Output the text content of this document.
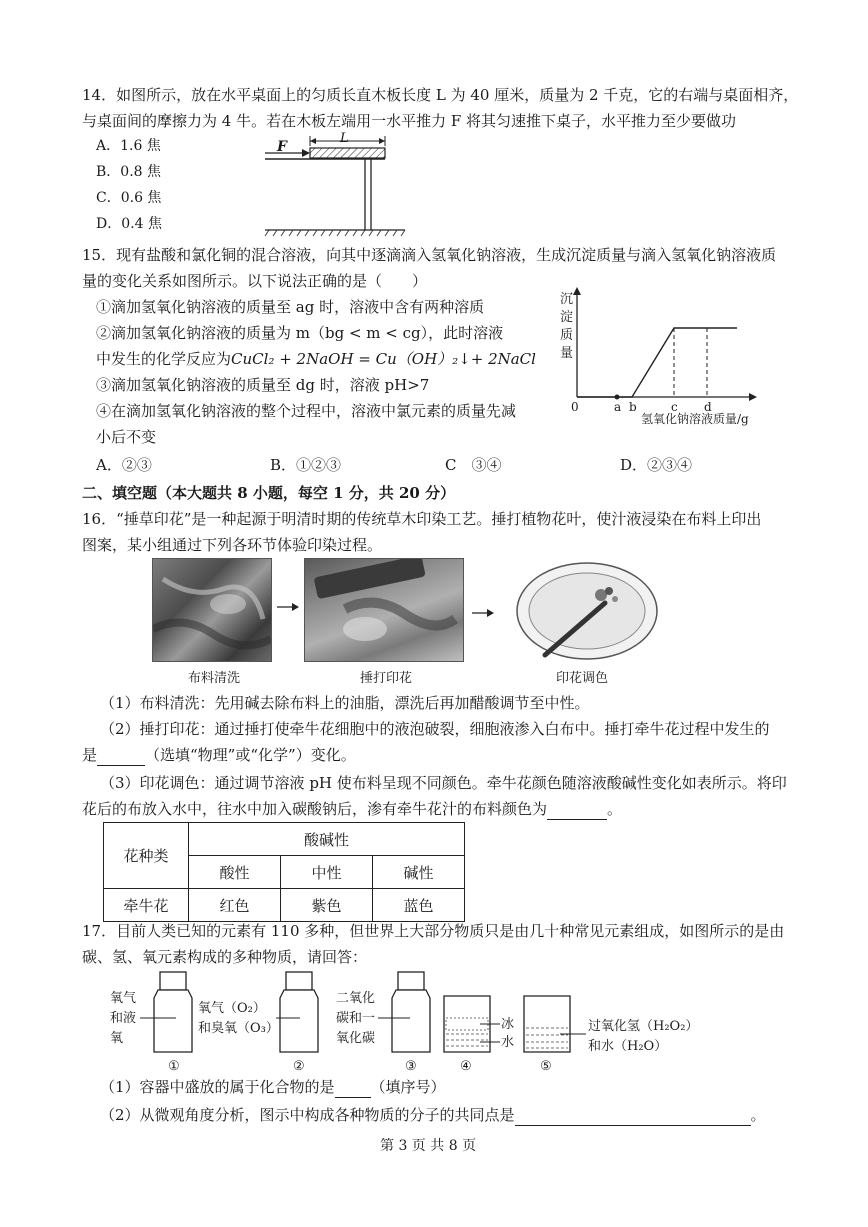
14．如图所示，放在水平桌面上的匀质长直木板长度 L 为 40 厘米，质量为 2 千克，它的右端与桌面相齐，
与桌面间的摩擦力为 4 牛。若在木板左端用一水平推力 F 将其匀速推下桌子，水平推力至少要做功
A．1.6 焦
B．0.8 焦
C．0.6 焦
D．0.4 焦
L
F
15．现有盐酸和氯化铜的混合溶液，向其中逐滴滴入氢氧化钠溶液，生成沉淀质量与滴入氢氧化钠溶液质
量的变化关系如图所示。以下说法正确的是（　　）
①滴加氢氧化钠溶液的质量至 ag 时，溶液中含有两种溶质
②滴加氢氧化钠溶液的质量为 m（bg < m < cg），此时溶液
中发生的化学反应为CuCl₂ + 2NaOH = Cu（OH）₂↓+ 2NaCl
③滴加氢氧化钠溶液的质量至 dg 时，溶液 pH>7
④在滴加氢氧化钠溶液的整个过程中，溶液中氯元素的质量先减
小后不变
沉
淀
质
量
氢氧化钠溶液质量/g
0	a b	c d
A．②③	B．①②③	C　③④	D．②③④
二、填空题（本大题共 8 小题，每空 1 分，共 20 分）
16．“捶草印花”是一种起源于明清时期的传统草木印染工艺。捶打植物花叶，使汁液浸染在布料上印出
图案，某小组通过下列各环节体验印染过程。
布料清洗	捶打印花	印花调色
（1）布料清洗：先用碱去除布料上的油脂，漂洗后再加醋酸调节至中性。
（2）捶打印花：通过捶打使牵牛花细胞中的液泡破裂，细胞液渗入白布中。捶打牵牛花过程中发生的
是	（选填“物理”或“化学”）变化。
（3）印花调色：通过调节溶液 pH 使布料呈现不同颜色。牵牛花颜色随溶液酸碱性变化如表所示。将印
花后的布放入水中，往水中加入碳酸钠后，渗有牵牛花汁的布料颜色为	。
花种类	酸碱性		
	酸性	中性	碱性
牵牛花	红色	紫色	蓝色
17．目前人类已知的元素有 110 多种，但世界上大部分物质只是由几十种常见元素组成，如图所示的是由
碳、氢、氧元素构成的多种物质，请回答：
氧气
和液
氧
①
氧气（O₂）
和臭氧（O₃）
②
二氧化
碳和一
氧化碳
③
冰
水
④
过氧化氢（H₂O₂）
和水（H₂O）
⑤
（1）容器中盛放的属于化合物的是 （填序号）
（2）从微观角度分析，图示中构成各种物质的分子的共同点是	。
第 3 页 共 8 页
